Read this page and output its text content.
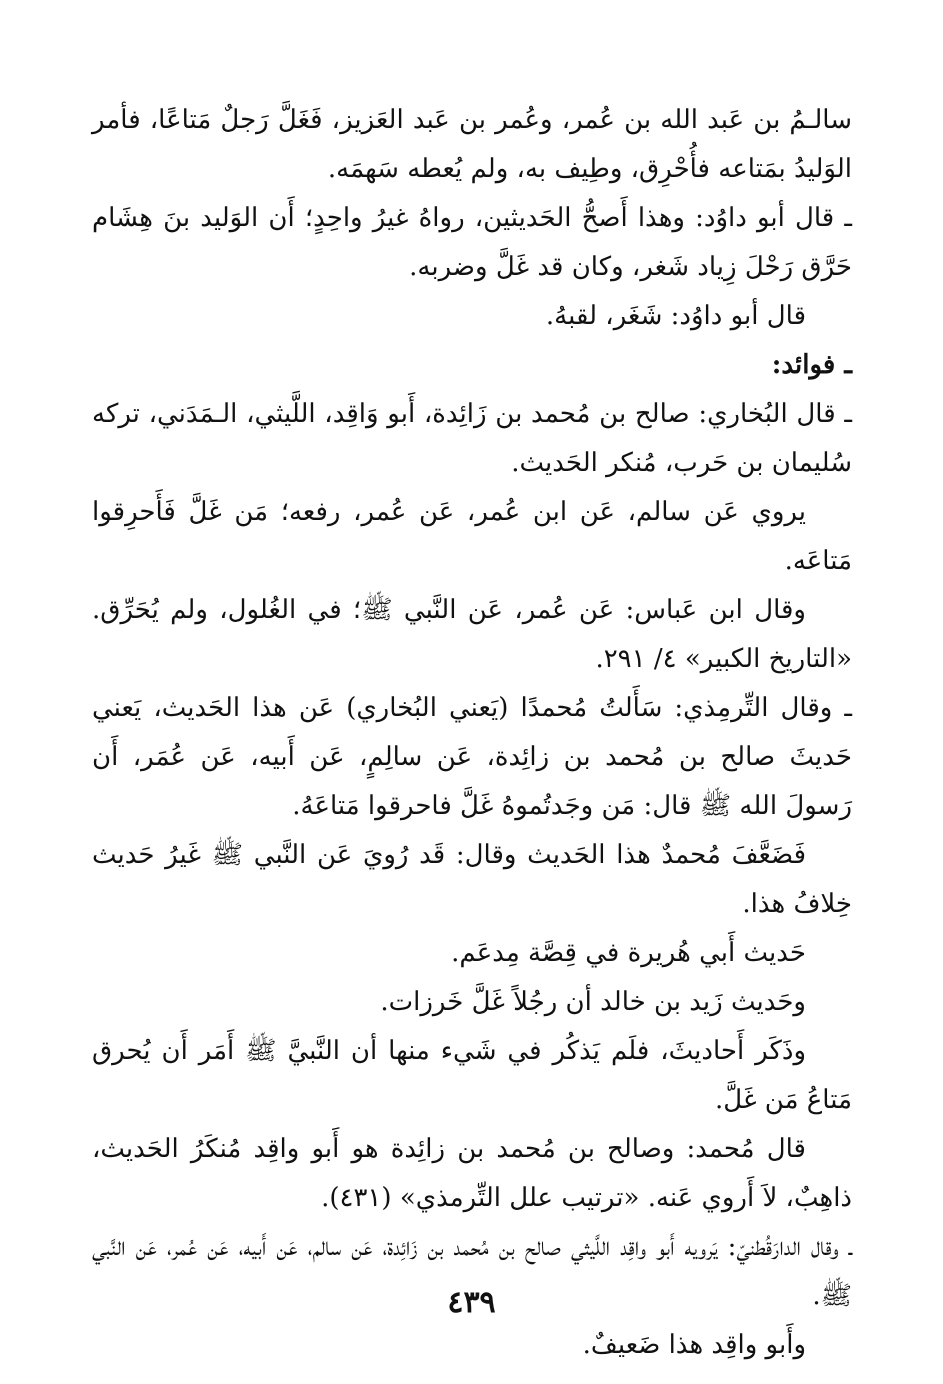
سالـمُ بن عَبد الله بن عُمر، وعُمر بن عَبد العَزيز، فَغَلَّ رَجلٌ مَتاعًا، فأمر الوَليدُ بمَتاعه فأُحْرِق، وطِيف به، ولم يُعطه سَهمَه.

ـ قال أبو داوُد: وهذا أَصحُّ الحَديثين، رواهُ غيرُ واحِدٍ؛ أَن الوَليد بنَ هِشَام حَرَّق رَحْلَ زِياد شَغر، وكان قد غَلَّ وضربه.

قال أبو داوُد: شَغَر، لقبهُ.

ـ فوائد:

ـ قال البُخاري: صالح بن مُحمد بن زَائِدة، أَبو وَاقِد، اللَّيثي، الـمَدَني، تركه سُليمان بن حَرب، مُنكر الحَديث.

يروي عَن سالم، عَن ابن عُمر، عَن عُمر، رفعه؛ مَن غَلَّ فَأَحرِقوا مَتاعَه.

وقال ابن عَباس: عَن عُمر، عَن النَّبي ﷺ؛ في الغُلول، ولم يُحَرِّق. «التاريخ الكبير» ٤/ ٢٩١.

ـ وقال التِّرمِذي: سَأَلتُ مُحمدًا (يَعني البُخاري) عَن هذا الحَديث، يَعني حَديثَ صالح بن مُحمد بن زائِدة، عَن سالِمٍ، عَن أَبيه، عَن عُمَر، أَن رَسولَ الله ﷺ قال: مَن وجَدتُموهُ غَلَّ فاحرقوا مَتاعَهُ.

فَضَعَّفَ مُحمدٌ هذا الحَديث وقال: قَد رُويَ عَن النَّبي ﷺ غَيرُ حَديث خِلافُ هذا.

حَديث أَبي هُريرة في قِصَّة مِدعَم.

وحَديث زَيد بن خالد أن رجُلاً غَلَّ خَرزات.

وذَكَر أَحاديثَ، فلَم يَذكُر في شَيء منها أن النَّبيَّ ﷺ أَمَر أَن يُحرق مَتاعُ مَن غَلَّ.

قال مُحمد: وصالح بن مُحمد بن زائِدة هو أَبو واقِد مُنكَرُ الحَديث، ذاهِبٌ، لاَ أَروي عَنه. «ترتيب علل التِّرمذي» (٤٣١).

ـ وقال الدارَقُطنيّ: يَرويه أَبو واقِد اللَّيثي صالح بن مُحمد بن زَائِدة، عَن سالم، عَن أَبيه، عَن عُمر، عَن النَّبي ﷺ.

وأَبو واقِد هذا ضَعيفٌ.

٤٣٩
